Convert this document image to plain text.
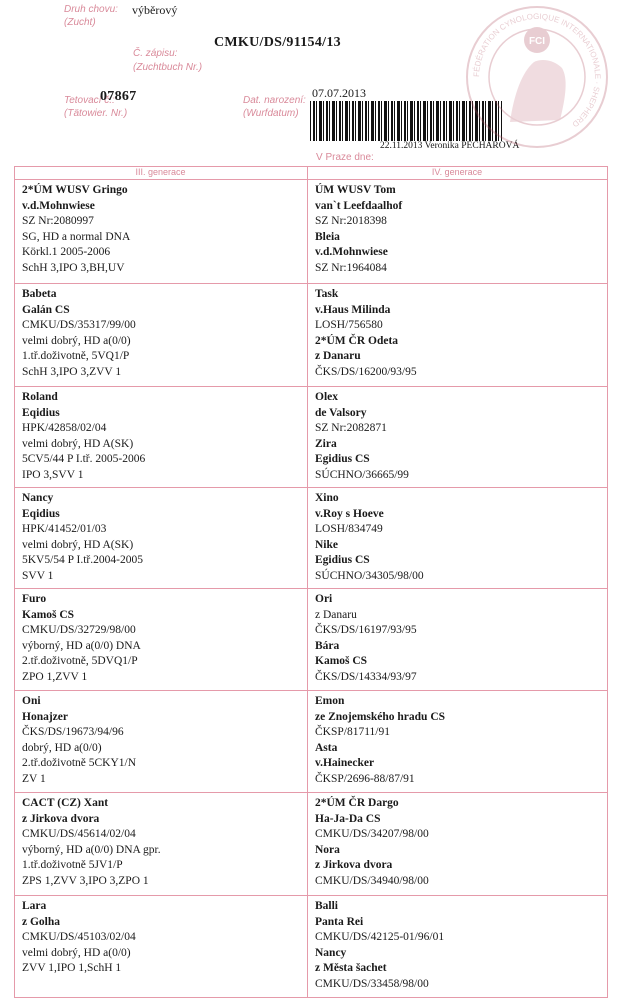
Druh chovu:
(Zucht)
výběrový
Č. zápisu:
(Zuchtbuch Nr.)
CMKU/DS/91154/13
Tetovací č.:
(Tätowier. Nr.)
07867	Dat. narození:
(Wurfdatum)
07.07.2013
22.11.2013 Veronika PECHAROVÁ
V Praze dne:
FÉDÉRATION CYNOLOGIQUE INTERNATIONALE · SHEPHERD
FCI
III. generace	IV. generace
2*ÚM WUSV Gringo
v.d.Mohnwiese
SZ Nr:2080997
SG, HD a normal DNA
Körkl.1 2005-2006
SchH 3,IPO 3,BH,UV
ÚM WUSV Tom
van`t Leefdaalhof
SZ Nr:2018398
Bleia
v.d.Mohnwiese
SZ Nr:1964084
Babeta
Galán CS
CMKU/DS/35317/99/00
velmi dobrý, HD a(0/0)
1.tř.doživotně, 5VQ1/P
SchH 3,IPO 3,ZVV 1
Task
v.Haus Milinda
LOSH/756580
2*ÚM ČR Odeta
z Danaru
ČKS/DS/16200/93/95
Roland
Eqidius
HPK/42858/02/04
velmi dobrý, HD A(SK)
5CV5/44 P I.tř. 2005-2006
IPO 3,SVV 1
Olex
de Valsory
SZ Nr:2082871
Zira
Egidius CS
SÚCHNO/36665/99
Nancy
Eqidius
HPK/41452/01/03
velmi dobrý, HD A(SK)
5KV5/54 P I.tř.2004-2005
SVV 1
Xino
v.Roy s Hoeve
LOSH/834749
Nike
Egidius CS
SÚCHNO/34305/98/00
Furo
Kamoš CS
CMKU/DS/32729/98/00
výborný, HD a(0/0) DNA
2.tř.doživotně, 5DVQ1/P
ZPO 1,ZVV 1
Ori
z Danaru
ČKS/DS/16197/93/95
Bára
Kamoš CS
ČKS/DS/14334/93/97
Oni
Honajzer
ČKS/DS/19673/94/96
dobrý, HD a(0/0)
2.tř.doživotně 5CKY1/N
ZV 1
Emon
ze Znojemského hradu CS
ČKSP/81711/91
Asta
v.Hainecker
ČKSP/2696-88/87/91
CACT (CZ) Xant
z Jirkova dvora
CMKU/DS/45614/02/04
výborný, HD a(0/0) DNA gpr.
1.tř.doživotně 5JV1/P
ZPS 1,ZVV 3,IPO 3,ZPO 1
2*ÚM ČR Dargo
Ha-Ja-Da CS
CMKU/DS/34207/98/00
Nora
z Jirkova dvora
CMKU/DS/34940/98/00
Lara
z Golha
CMKU/DS/45103/02/04
velmi dobrý, HD a(0/0)
ZVV 1,IPO 1,SchH 1
Balli
Panta Rei
CMKU/DS/42125-01/96/01
Nancy
z Města šachet
CMKU/DS/33458/98/00
